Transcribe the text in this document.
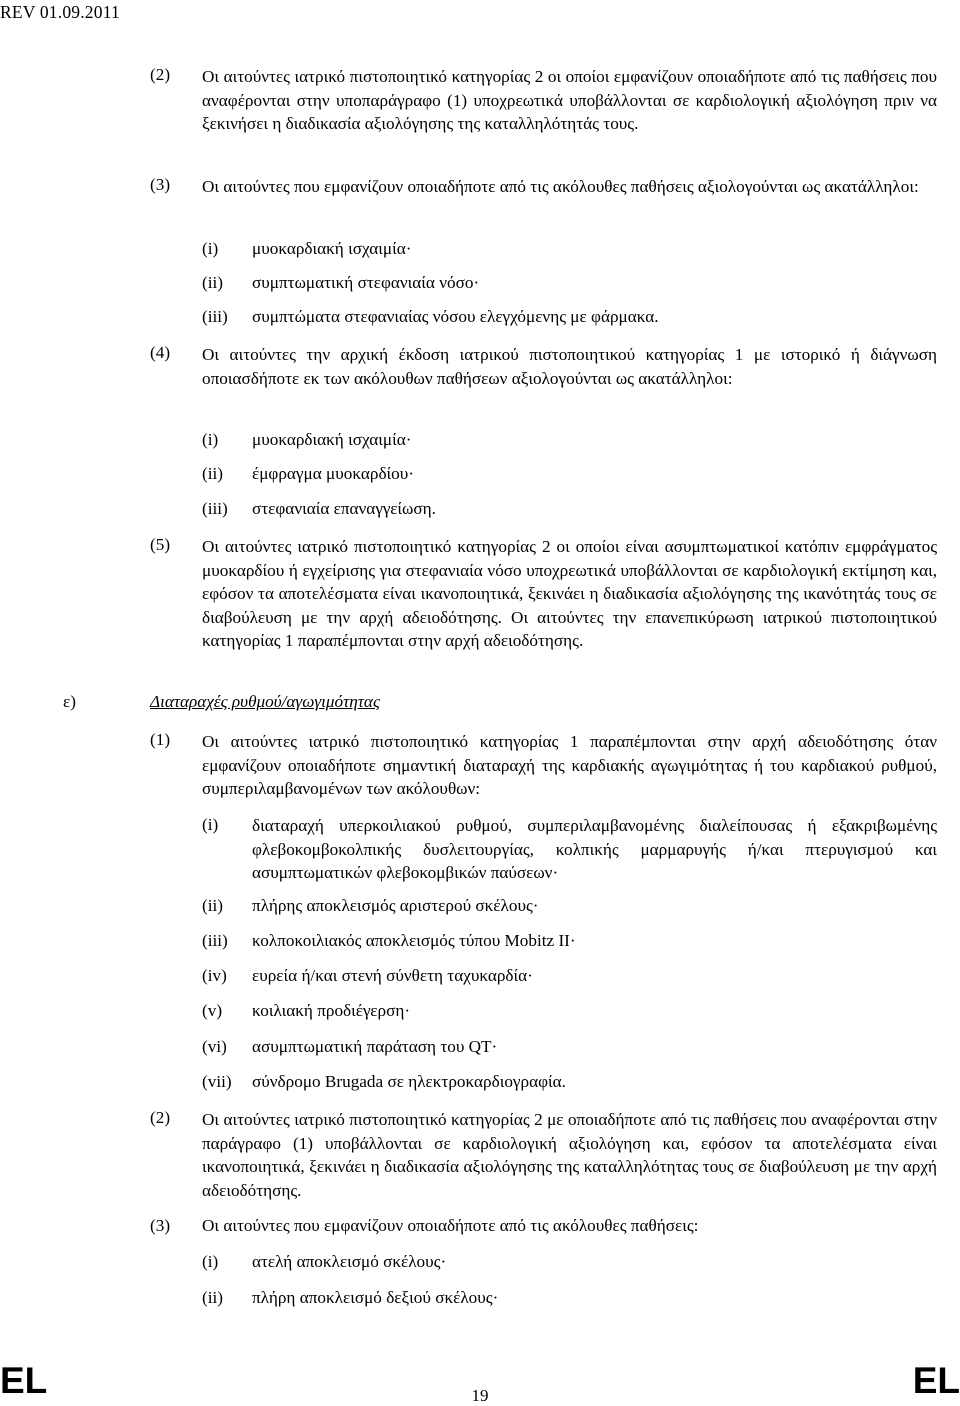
REV 01.09.2011
(2) Οι αιτούντες ιατρικό πιστοποιητικό κατηγορίας 2 οι οποίοι εμφανίζουν οποιαδήποτε από τις παθήσεις που αναφέρονται στην υποπαράγραφο (1) υποχρεωτικά υποβάλλονται σε καρδιολογική αξιολόγηση πριν να ξεκινήσει η διαδικασία αξιολόγησης της καταλληλότητάς τους.
(3) Οι αιτούντες που εμφανίζουν οποιαδήποτε από τις ακόλουθες παθήσεις αξιολογούνται ως ακατάλληλοι:
(i) μυοκαρδιακή ισχαιμία·
(ii) συμπτωματική στεφανιαία νόσο·
(iii) συμπτώματα στεφανιαίας νόσου ελεγχόμενης με φάρμακα.
(4) Οι αιτούντες την αρχική έκδοση ιατρικού πιστοποιητικού κατηγορίας 1 με ιστορικό ή διάγνωση οποιασδήποτε εκ των ακόλουθων παθήσεων αξιολογούνται ως ακατάλληλοι:
(i) μυοκαρδιακή ισχαιμία·
(ii) έμφραγμα μυοκαρδίου·
(iii) στεφανιαία επαναγγείωση.
(5) Οι αιτούντες ιατρικό πιστοποιητικό κατηγορίας 2 οι οποίοι είναι ασυμπτωματικοί κατόπιν εμφράγματος μυοκαρδίου ή εγχείρισης για στεφανιαία νόσο υποχρεωτικά υποβάλλονται σε καρδιολογική εκτίμηση και, εφόσον τα αποτελέσματα είναι ικανοποιητικά, ξεκινάει η διαδικασία αξιολόγησης της ικανότητάς τους σε διαβούλευση με την αρχή αδειοδότησης. Οι αιτούντες την επανεπικύρωση ιατρικού πιστοποιητικού κατηγορίας 1 παραπέμπονται στην αρχή αδειοδότησης.
ε)	Διαταραχές ρυθμού/αγωγιμότητας
(1) Οι αιτούντες ιατρικό πιστοποιητικό κατηγορίας 1 παραπέμπονται στην αρχή αδειοδότησης όταν εμφανίζουν οποιαδήποτε σημαντική διαταραχή της καρδιακής αγωγιμότητας ή του καρδιακού ρυθμού, συμπεριλαμβανομένων των ακόλουθων:
(i) διαταραχή υπερκοιλιακού ρυθμού, συμπεριλαμβανομένης διαλείπουσας ή εξακριβωμένης φλεβοκομβοκολπικής δυσλειτουργίας, κολπικής μαρμαρυγής ή/και πτερυγισμού και ασυμπτωματικών φλεβοκομβικών παύσεων·
(ii) πλήρης αποκλεισμός αριστερού σκέλους·
(iii) κολποκοιλιακός αποκλεισμός τύπου Mobitz II·
(iv) ευρεία ή/και στενή σύνθετη ταχυκαρδία·
(v) κοιλιακή προδιέγερση·
(vi) ασυμπτωματική παράταση του QT·
(vii) σύνδρομο Brugada σε ηλεκτροκαρδιογραφία.
(2) Οι αιτούντες ιατρικό πιστοποιητικό κατηγορίας 2 με οποιαδήποτε από τις παθήσεις που αναφέρονται στην παράγραφο (1) υποβάλλονται σε καρδιολογική αξιολόγηση και, εφόσον τα αποτελέσματα είναι ικανοποιητικά, ξεκινάει η διαδικασία αξιολόγησης της καταλληλότητας τους σε διαβούλευση με την αρχή αδειοδότησης.
(3) Οι αιτούντες που εμφανίζουν οποιαδήποτε από τις ακόλουθες παθήσεις:
(i) ατελή αποκλεισμό σκέλους·
(ii) πλήρη αποκλεισμό δεξιού σκέλους·
EL	19	EL
